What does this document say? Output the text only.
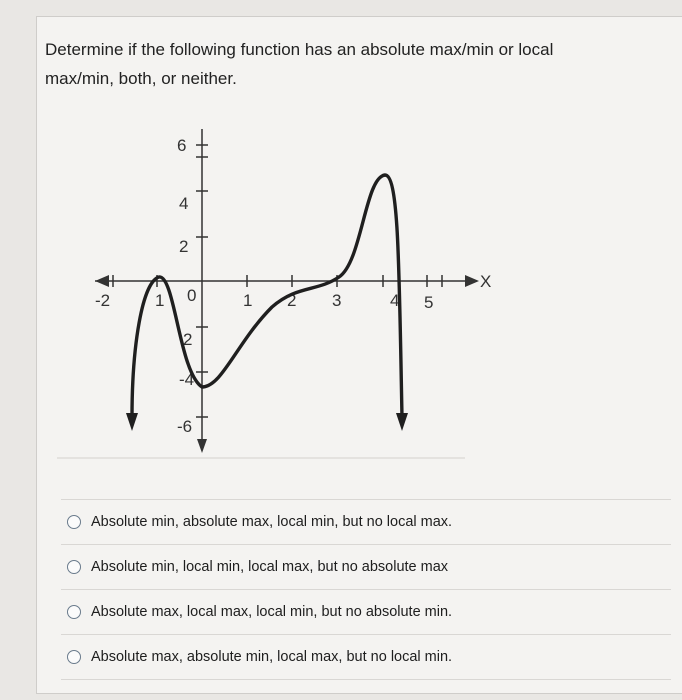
Determine if the following function has an absolute max/min or local
max/min, both, or neither.
-2	1 0	1 2 3	4 5
X
6
4
2
2
-4
-6
Absolute min, absolute max, local min, but no local max.
Absolute min, local min, local max, but no absolute max
Absolute max, local max, local min, but no absolute min.
Absolute max, absolute min, local max, but no local min.
